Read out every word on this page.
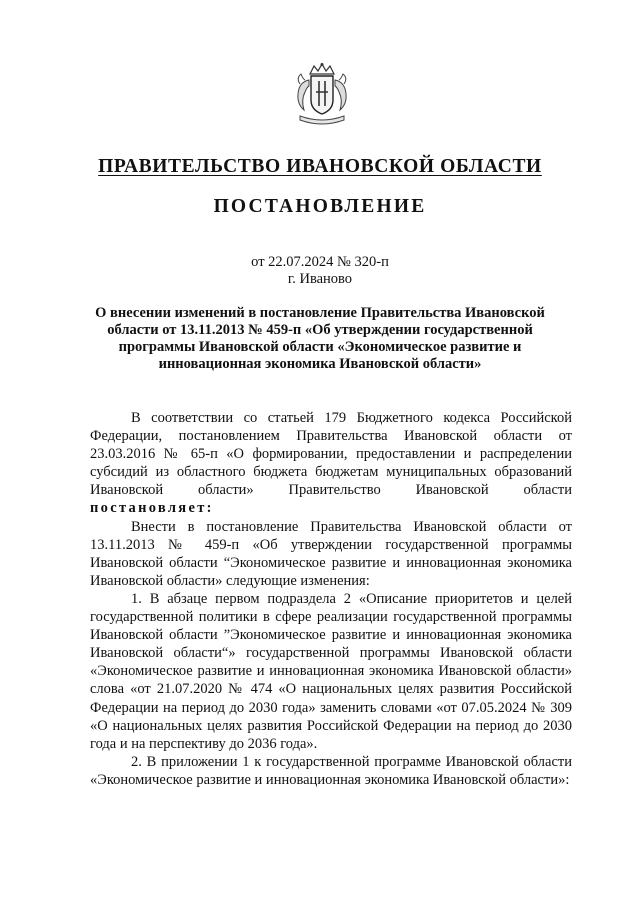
ПРАВИТЕЛЬСТВО ИВАНОВСКОЙ ОБЛАСТИ
ПОСТАНОВЛЕНИЕ
от 22.07.2024 № 320-п
г. Иваново
О внесении изменений в постановление Правительства Ивановской области от 13.11.2013 № 459-п «Об утверждении государственной программы Ивановской области «Экономическое развитие и инновационная экономика Ивановской области»

В соответствии со статьей 179 Бюджетного кодекса Российской Федерации, постановлением Правительства Ивановской области от 23.03.2016 № 65-п «О формировании, предоставлении и распределении субсидий из областного бюджета бюджетам муниципальных образований Ивановской области» Правительство Ивановской области постановляет:

Внести в постановление Правительства Ивановской области от 13.11.2013 № 459-п «Об утверждении государственной программы Ивановской области “Экономическое развитие и инновационная экономика Ивановской области» следующие изменения:

1. В абзаце первом подраздела 2 «Описание приоритетов и целей государственной политики в сфере реализации государственной программы Ивановской области ”Экономическое развитие и инновационная экономика Ивановской области“» государственной программы Ивановской области «Экономическое развитие и инновационная экономика Ивановской области» слова «от 21.07.2020 № 474 «О национальных целях развития Российской Федерации на период до 2030 года» заменить словами «от 07.05.2024 № 309 «О национальных целях развития Российской Федерации на период до 2030 года и на перспективу до 2036 года».

2. В приложении 1 к государственной программе Ивановской области «Экономическое развитие и инновационная экономика Ивановской области»:
